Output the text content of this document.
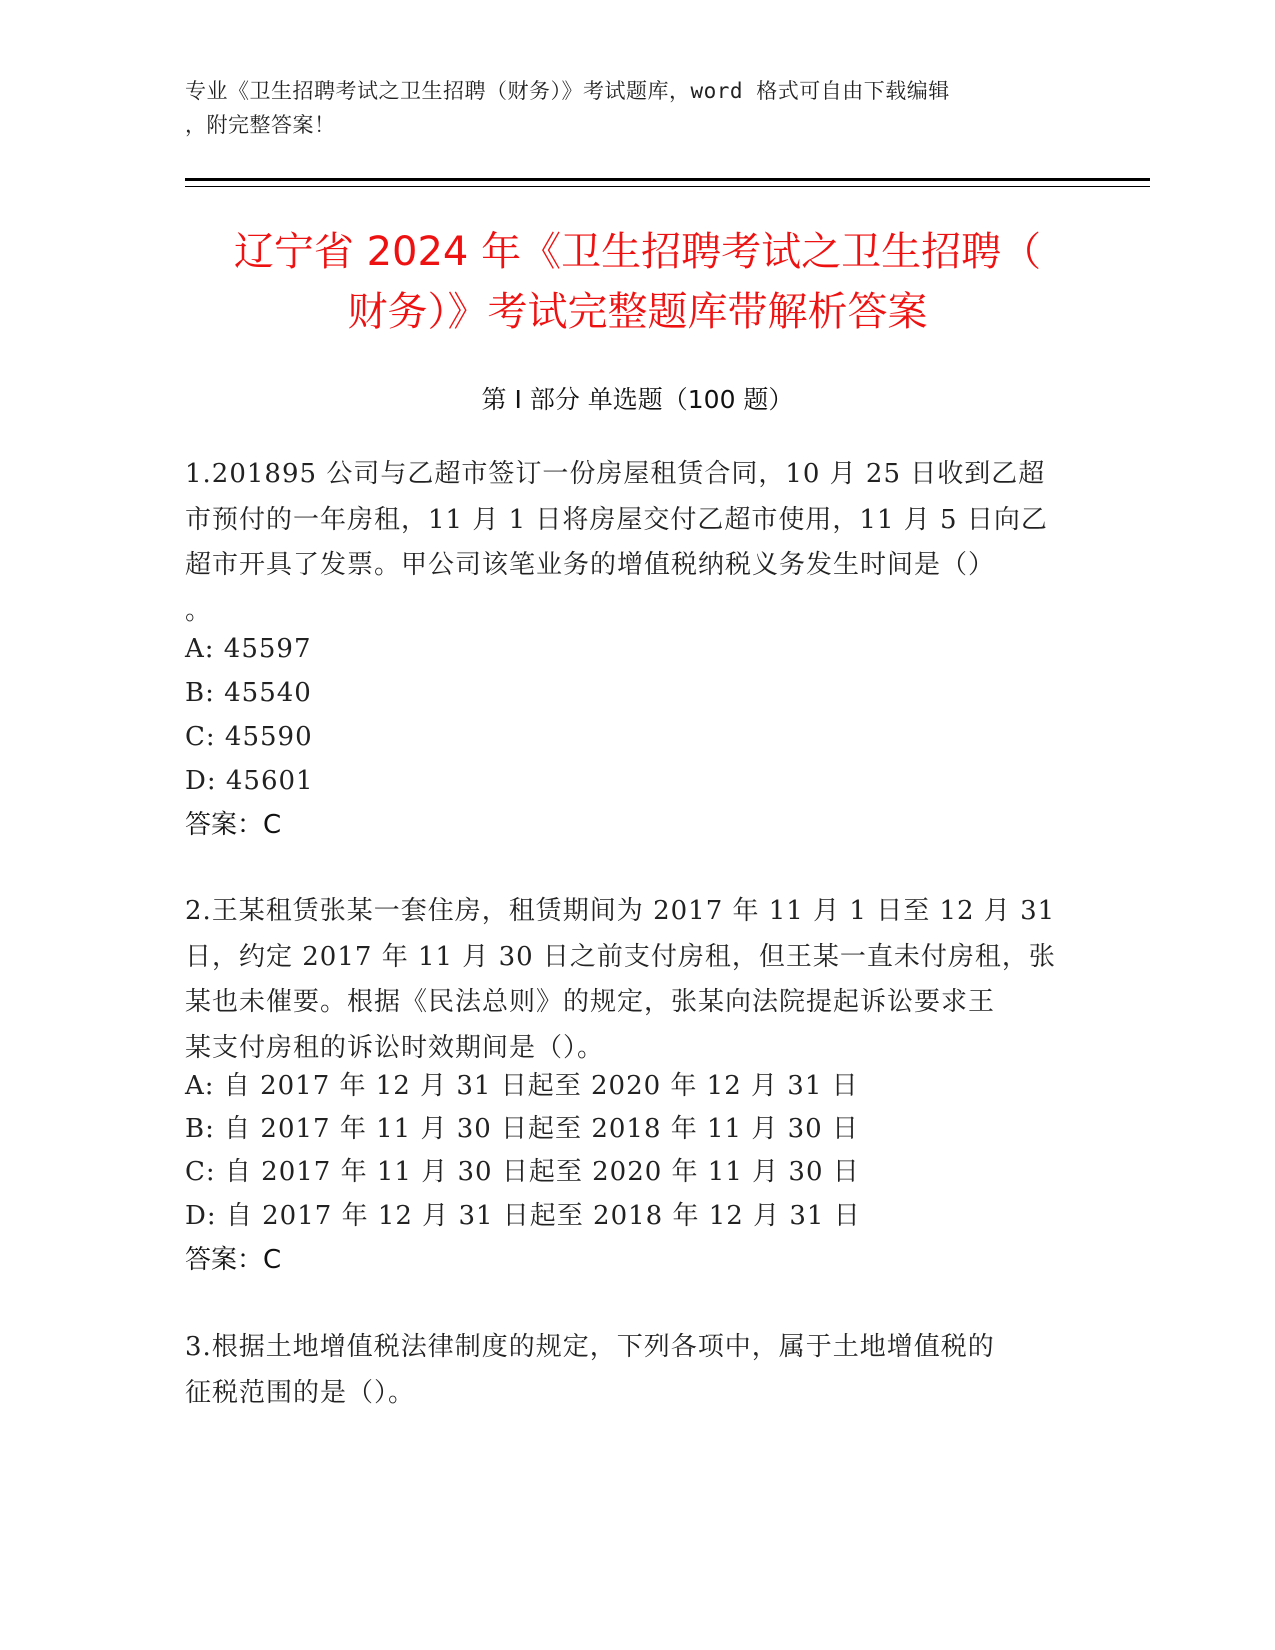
专业《卫生招聘考试之卫生招聘（财务）》考试题库，word 格式可自由下载编辑
，附完整答案！
辽宁省 2024 年《卫生招聘考试之卫生招聘（
财务）》考试完整题库带解析答案
第 I 部分 单选题（100 题）
1.201895 公司与乙超市签订一份房屋租赁合同，10 月 25 日收到乙超
市预付的一年房租，11 月 1 日将房屋交付乙超市使用，11 月 5 日向乙
超市开具了发票。甲公司该笔业务的增值税纳税义务发生时间是（）
。
A: 45597
B: 45540
C: 45590
D: 45601
答案：C
2.王某租赁张某一套住房，租赁期间为 2017 年 11 月 1 日至 12 月 31
日，约定 2017 年 11 月 30 日之前支付房租，但王某一直未付房租，张
某也未催要。根据《民法总则》的规定，张某向法院提起诉讼要求王
某支付房租的诉讼时效期间是（）。
A: 自 2017 年 12 月 31 日起至 2020 年 12 月 31 日
B: 自 2017 年 11 月 30 日起至 2018 年 11 月 30 日
C: 自 2017 年 11 月 30 日起至 2020 年 11 月 30 日
D: 自 2017 年 12 月 31 日起至 2018 年 12 月 31 日
答案：C
3.根据土地增值税法律制度的规定，下列各项中，属于土地增值税的
征税范围的是（）。
